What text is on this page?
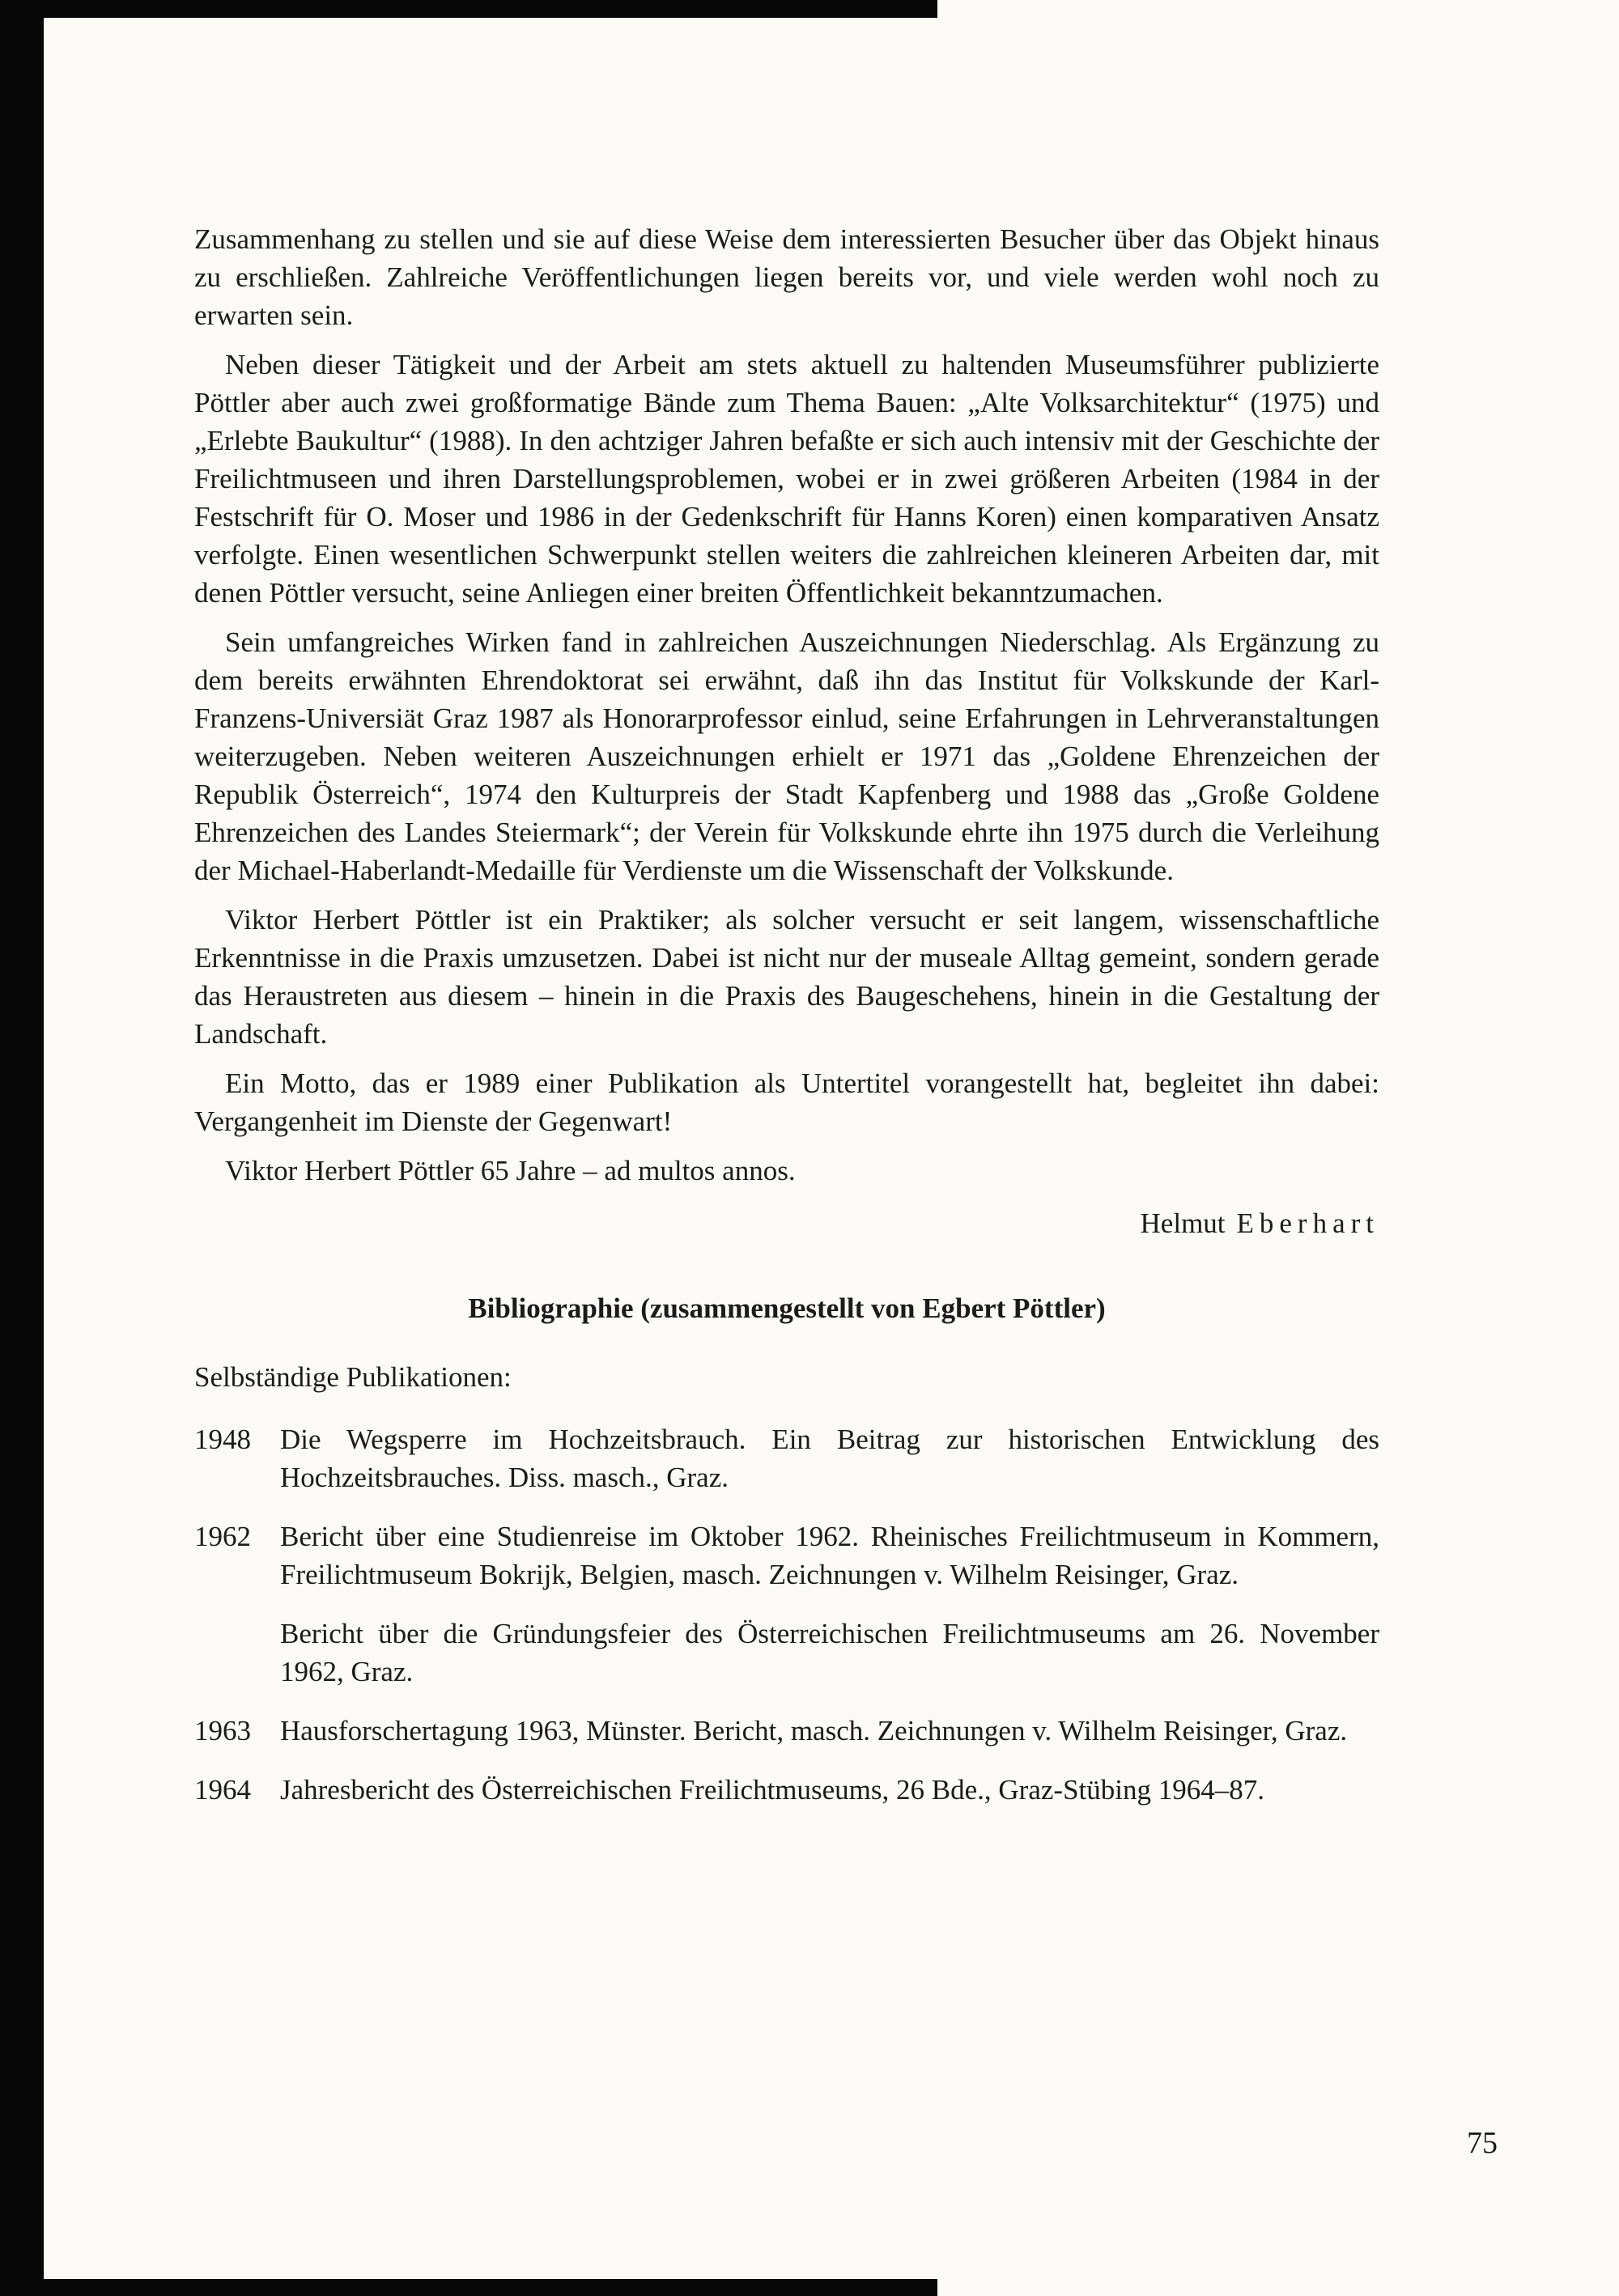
Zusammenhang zu stellen und sie auf diese Weise dem interessierten Besucher über das Objekt hinaus zu erschließen. Zahlreiche Veröffentlichungen liegen bereits vor, und viele werden wohl noch zu erwarten sein.

Neben dieser Tätigkeit und der Arbeit am stets aktuell zu haltenden Museumsführer publizierte Pöttler aber auch zwei großformatige Bände zum Thema Bauen: „Alte Volksarchitektur“ (1975) und „Erlebte Baukultur“ (1988). In den achtziger Jahren befaßte er sich auch intensiv mit der Geschichte der Freilichtmuseen und ihren Darstellungsproblemen, wobei er in zwei größeren Arbeiten (1984 in der Festschrift für O. Moser und 1986 in der Gedenkschrift für Hanns Koren) einen komparativen Ansatz verfolgte. Einen wesentlichen Schwerpunkt stellen weiters die zahlreichen kleineren Arbeiten dar, mit denen Pöttler versucht, seine Anliegen einer breiten Öffentlichkeit bekanntzumachen.

Sein umfangreiches Wirken fand in zahlreichen Auszeichnungen Niederschlag. Als Ergänzung zu dem bereits erwähnten Ehrendoktorat sei erwähnt, daß ihn das Institut für Volkskunde der Karl-Franzens-Universiät Graz 1987 als Honorarprofessor einlud, seine Erfahrungen in Lehrveranstaltungen weiterzugeben. Neben weiteren Auszeichnungen erhielt er 1971 das „Goldene Ehrenzeichen der Republik Österreich“, 1974 den Kulturpreis der Stadt Kapfenberg und 1988 das „Große Goldene Ehrenzeichen des Landes Steiermark“; der Verein für Volkskunde ehrte ihn 1975 durch die Verleihung der Michael-Haberlandt-Medaille für Verdienste um die Wissenschaft der Volkskunde.

Viktor Herbert Pöttler ist ein Praktiker; als solcher versucht er seit langem, wissenschaftliche Erkenntnisse in die Praxis umzusetzen. Dabei ist nicht nur der museale Alltag gemeint, sondern gerade das Heraustreten aus diesem – hinein in die Praxis des Baugeschehens, hinein in die Gestaltung der Landschaft.

Ein Motto, das er 1989 einer Publikation als Untertitel vorangestellt hat, begleitet ihn dabei: Vergangenheit im Dienste der Gegenwart!

Viktor Herbert Pöttler 65 Jahre – ad multos annos.

Helmut Eberhart

Bibliographie (zusammengestellt von Egbert Pöttler)

Selbständige Publikationen:

1948	Die Wegsperre im Hochzeitsbrauch. Ein Beitrag zur historischen Entwicklung des Hochzeitsbrauches. Diss. masch., Graz.
1962	Bericht über eine Studienreise im Oktober 1962. Rheinisches Freilichtmuseum in Kommern, Freilichtmuseum Bokrijk, Belgien, masch. Zeichnungen v. Wilhelm Reisinger, Graz.
Bericht über die Gründungsfeier des Österreichischen Freilichtmuseums am 26. November 1962, Graz.
1963	Hausforschertagung 1963, Münster. Bericht, masch. Zeichnungen v. Wilhelm Reisinger, Graz.
1964	Jahresbericht des Österreichischen Freilichtmuseums, 26 Bde., Graz-Stübing 1964–87.
75
